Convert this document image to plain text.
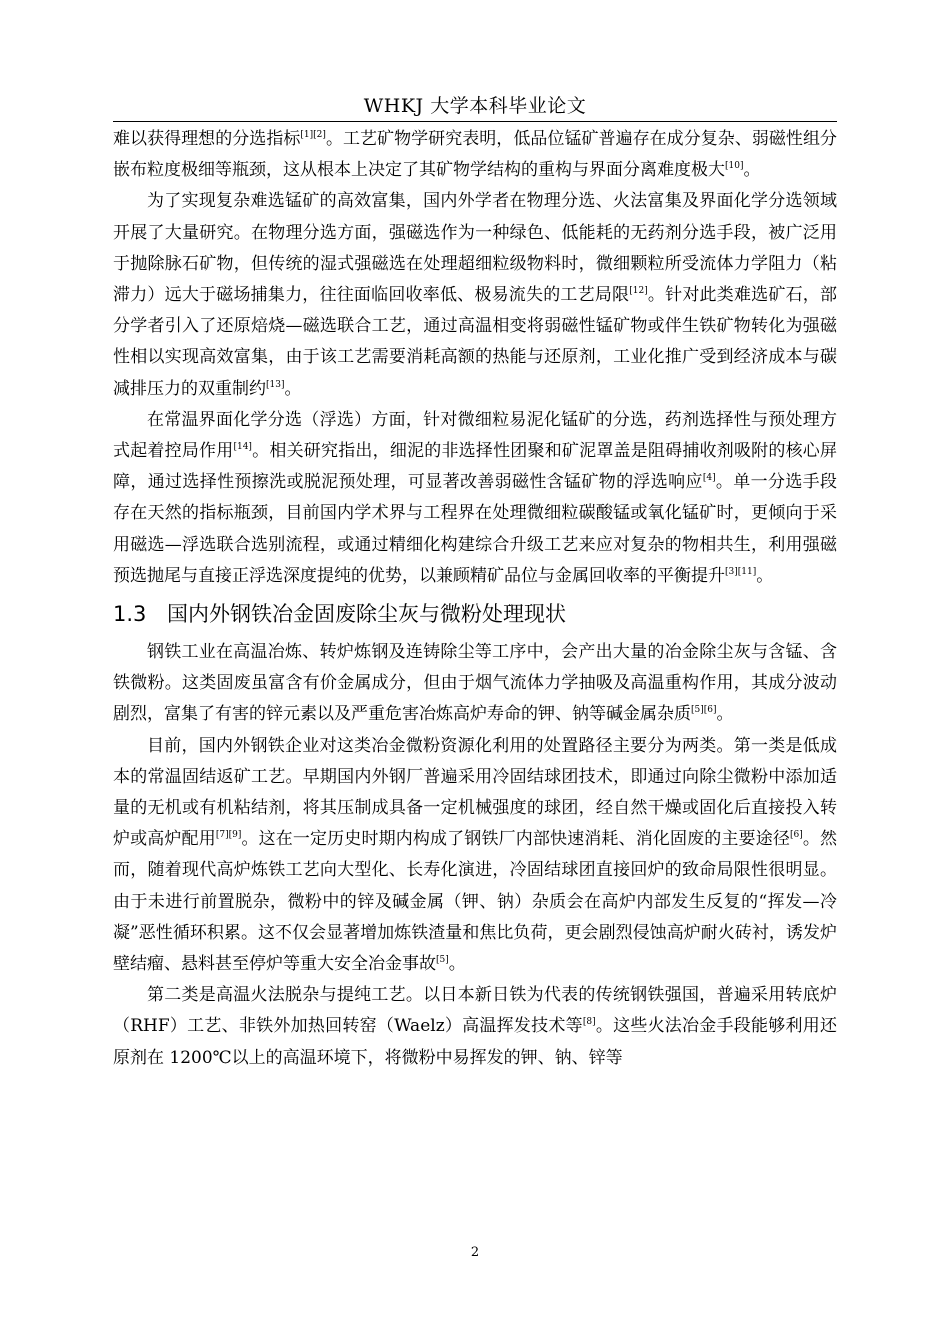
WHKJ 大学本科毕业论文

难以获得理想的分选指标[1][2]。工艺矿物学研究表明，低品位锰矿普遍存在成分复杂、弱磁性组分嵌布粒度极细等瓶颈，这从根本上决定了其矿物学结构的重构与界面分离难度极大[10]。

为了实现复杂难选锰矿的高效富集，国内外学者在物理分选、火法富集及界面化学分选领域开展了大量研究。在物理分选方面，强磁选作为一种绿色、低能耗的无药剂分选手段，被广泛用于抛除脉石矿物，但传统的湿式强磁选在处理超细粒级物料时，微细颗粒所受流体力学阻力（粘滞力）远大于磁场捕集力，往往面临回收率低、极易流失的工艺局限[12]。针对此类难选矿石，部分学者引入了还原焙烧—磁选联合工艺，通过高温相变将弱磁性锰矿物或伴生铁矿物转化为强磁性相以实现高效富集，由于该工艺需要消耗高额的热能与还原剂，工业化推广受到经济成本与碳减排压力的双重制约[13]。

在常温界面化学分选（浮选）方面，针对微细粒易泥化锰矿的分选，药剂选择性与预处理方式起着控局作用[14]。相关研究指出，细泥的非选择性团聚和矿泥罩盖是阻碍捕收剂吸附的核心屏障，通过选择性预擦洗或脱泥预处理，可显著改善弱磁性含锰矿物的浮选响应[4]。单一分选手段存在天然的指标瓶颈，目前国内学术界与工程界在处理微细粒碳酸锰或氧化锰矿时，更倾向于采用磁选—浮选联合选别流程，或通过精细化构建综合升级工艺来应对复杂的物相共生，利用强磁预选抛尾与直接正浮选深度提纯的优势，以兼顾精矿品位与金属回收率的平衡提升[3][11]。

1.3 国内外钢铁冶金固废除尘灰与微粉处理现状

钢铁工业在高温冶炼、转炉炼钢及连铸除尘等工序中，会产出大量的冶金除尘灰与含锰、含铁微粉。这类固废虽富含有价金属成分，但由于烟气流体力学抽吸及高温重构作用，其成分波动剧烈，富集了有害的锌元素以及严重危害冶炼高炉寿命的钾、钠等碱金属杂质[5][6]。

目前，国内外钢铁企业对这类冶金微粉资源化利用的处置路径主要分为两类。第一类是低成本的常温固结返矿工艺。早期国内外钢厂普遍采用冷固结球团技术，即通过向除尘微粉中添加适量的无机或有机粘结剂，将其压制成具备一定机械强度的球团，经自然干燥或固化后直接投入转炉或高炉配用[7][9]。这在一定历史时期内构成了钢铁厂内部快速消耗、消化固废的主要途径[6]。然而，随着现代高炉炼铁工艺向大型化、长寿化演进，冷固结球团直接回炉的致命局限性很明显。由于未进行前置脱杂，微粉中的锌及碱金属（钾、钠）杂质会在高炉内部发生反复的“挥发—冷凝”恶性循环积累。这不仅会显著增加炼铁渣量和焦比负荷，更会剧烈侵蚀高炉耐火砖衬，诱发炉壁结瘤、悬料甚至停炉等重大安全冶金事故[5]。

第二类是高温火法脱杂与提纯工艺。以日本新日铁为代表的传统钢铁强国，普遍采用转底炉（RHF）工艺、非铁外加热回转窑（Waelz）高温挥发技术等[8]。这些火法冶金手段能够利用还原剂在 1200℃以上的高温环境下，将微粉中易挥发的钾、钠、锌等

2
